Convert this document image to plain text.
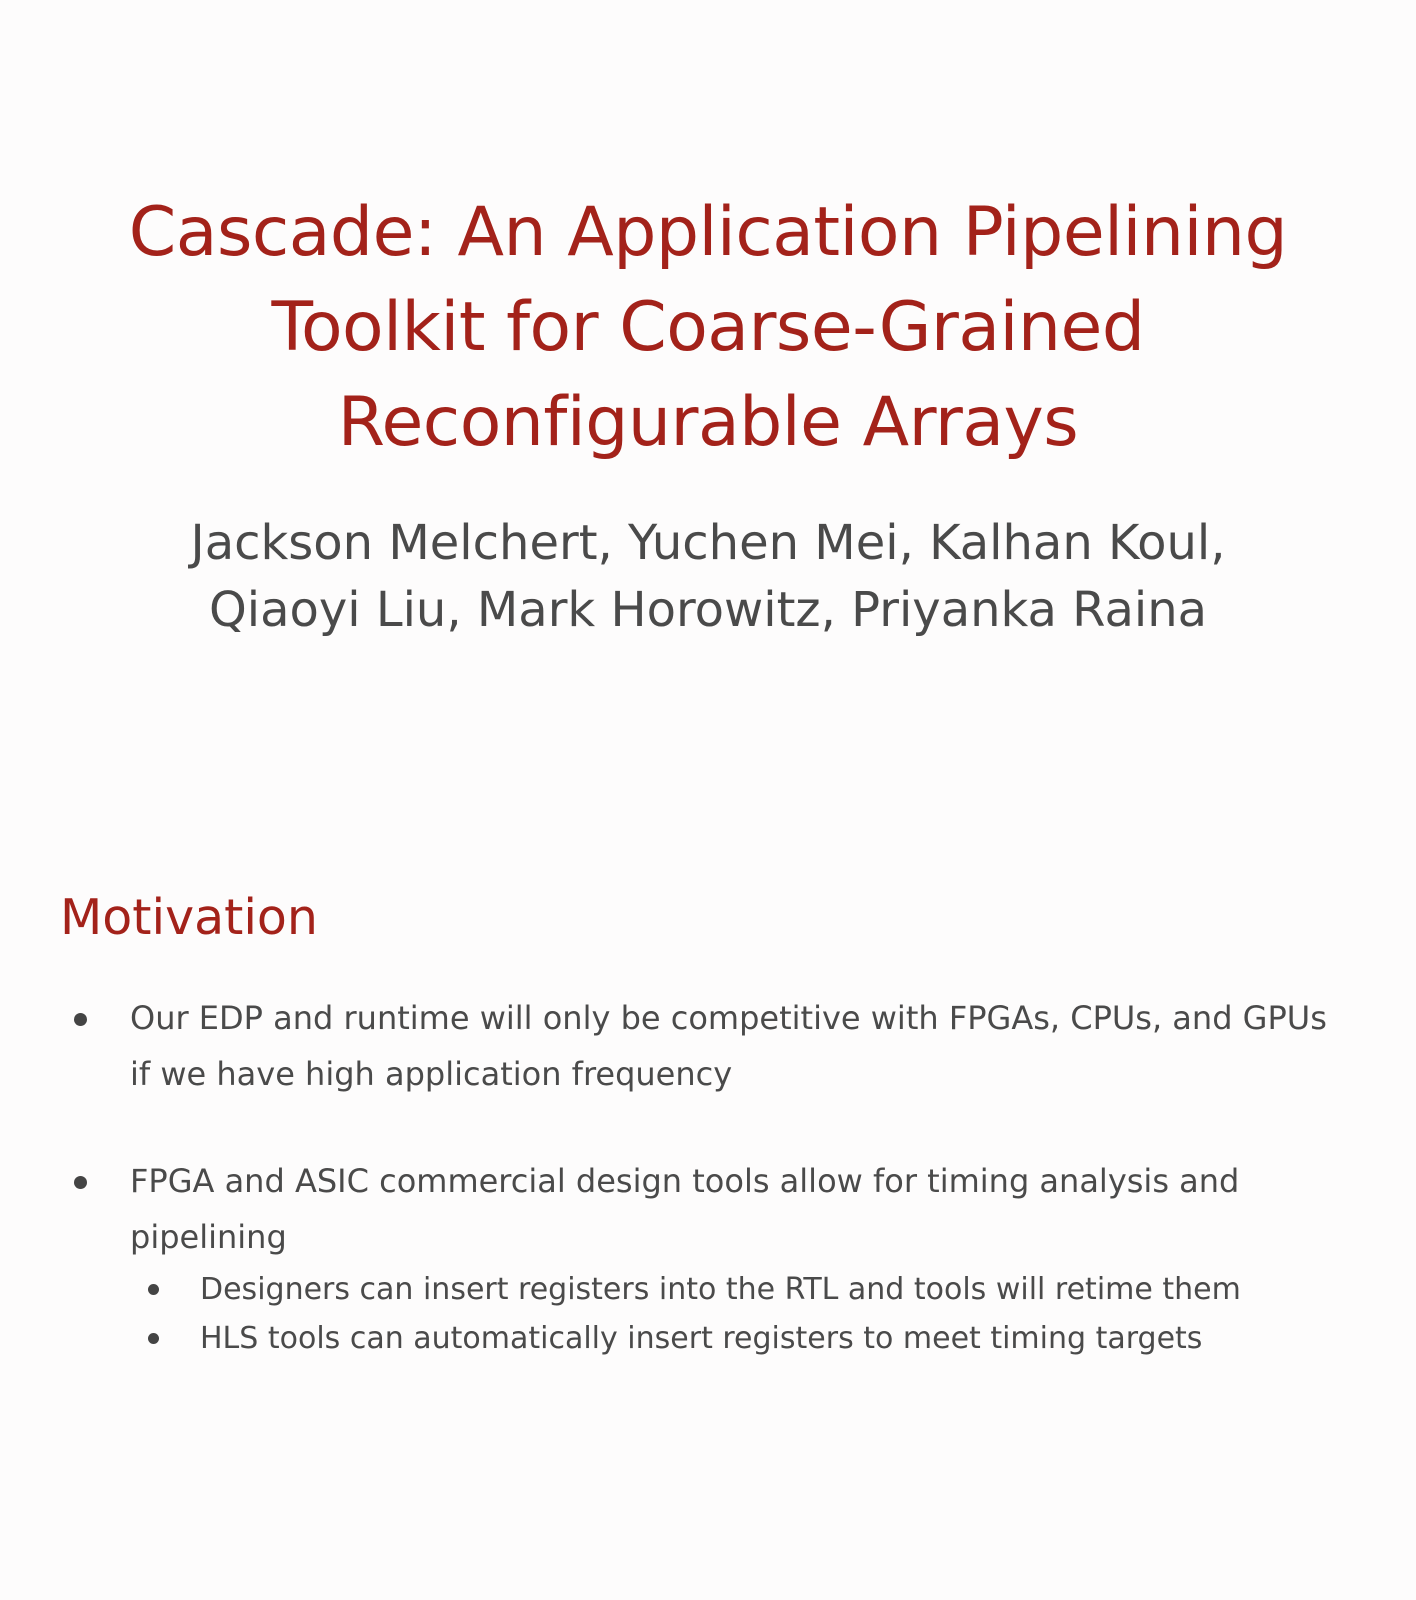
Cascade: An Application Pipelining
Toolkit for Coarse-Grained
Reconfigurable Arrays
Jackson Melchert, Yuchen Mei, Kalhan Koul,
Qiaoyi Liu, Mark Horowitz, Priyanka Raina
Motivation
Our EDP and runtime will only be competitive with FPGAs, CPUs, and GPUs if we have high application frequency
FPGA and ASIC commercial design tools allow for timing analysis and pipelining
Designers can insert registers into the RTL and tools will retime them
HLS tools can automatically insert registers to meet timing targets
